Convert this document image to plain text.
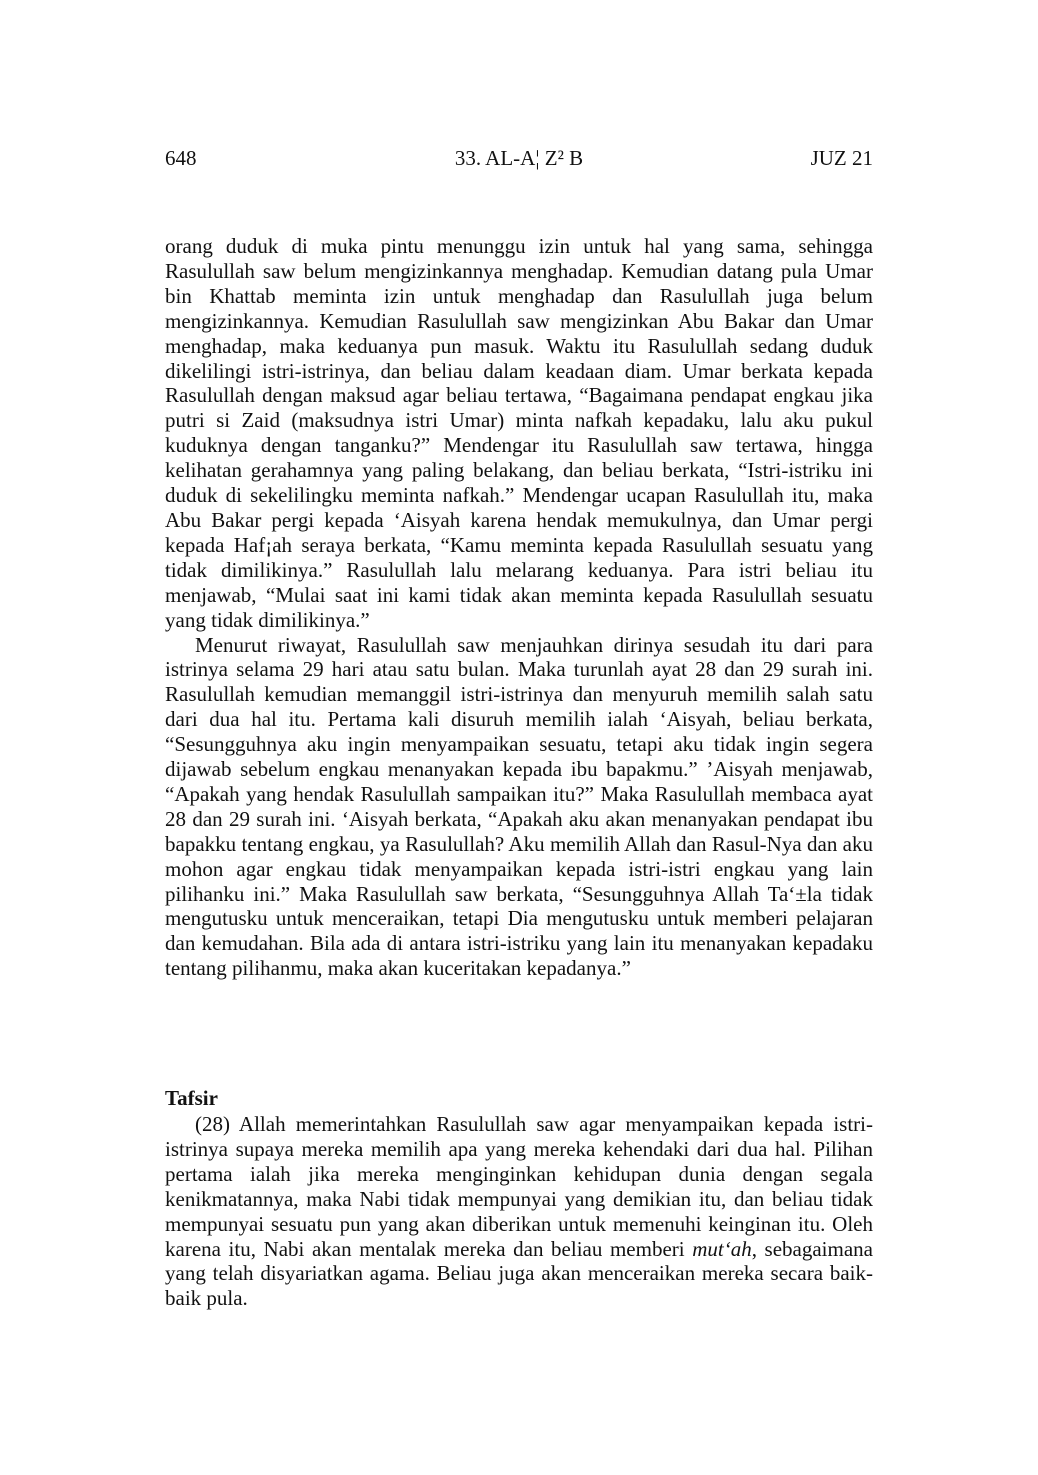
648	33. AL-A¦ Z² B	JUZ 21

orang duduk di muka pintu menunggu izin untuk hal yang sama, sehingga Rasulullah saw belum mengizinkannya menghadap. Kemudian datang pula Umar bin Khattab meminta izin untuk menghadap dan Rasulullah juga belum mengizinkannya. Kemudian Rasulullah saw mengizinkan Abu Bakar dan Umar menghadap, maka keduanya pun masuk. Waktu itu Rasulullah sedang duduk dikelilingi istri-istrinya, dan beliau dalam keadaan diam. Umar berkata kepada Rasulullah dengan maksud agar beliau tertawa, “Bagaimana pendapat engkau jika putri si Zaid (maksudnya istri Umar) minta nafkah kepadaku, lalu aku pukul kuduknya dengan tanganku?” Mendengar itu Rasulullah saw tertawa, hingga kelihatan gerahamnya yang paling belakang, dan beliau berkata, “Istri-istriku ini duduk di sekelilingku meminta nafkah.” Mendengar ucapan Rasulullah itu, maka Abu Bakar pergi kepada ‘Aisyah karena hendak memukulnya, dan Umar pergi kepada Haf¡ah seraya berkata, “Kamu meminta kepada Rasulullah sesuatu yang tidak dimilikinya.” Rasulullah lalu melarang keduanya. Para istri beliau itu menjawab, “Mulai saat ini kami tidak akan meminta kepada Rasulullah sesuatu yang tidak dimilikinya.”

Menurut riwayat, Rasulullah saw menjauhkan dirinya sesudah itu dari para istrinya selama 29 hari atau satu bulan. Maka turunlah ayat 28 dan 29 surah ini. Rasulullah kemudian memanggil istri-istrinya dan menyuruh memilih salah satu dari dua hal itu. Pertama kali disuruh memilih ialah ‘Aisyah, beliau berkata, “Sesungguhnya aku ingin menyampaikan sesuatu, tetapi aku tidak ingin segera dijawab sebelum engkau menanyakan kepada ibu bapakmu.” ’Aisyah menjawab, “Apakah yang hendak Rasulullah sampaikan itu?” Maka Rasulullah membaca ayat 28 dan 29 surah ini. ‘Aisyah berkata, “Apakah aku akan menanyakan pendapat ibu bapakku tentang engkau, ya Rasulullah? Aku memilih Allah dan Rasul-Nya dan aku mohon agar engkau tidak menyampaikan kepada istri-istri engkau yang lain pilihanku ini.” Maka Rasulullah saw berkata, “Sesungguhnya Allah Ta‘±la tidak mengutusku untuk menceraikan, tetapi Dia mengutusku untuk memberi pelajaran dan kemudahan. Bila ada di antara istri-istriku yang lain itu menanyakan kepadaku tentang pilihanmu, maka akan kuceritakan kepadanya.”

Tafsir

(28) Allah memerintahkan Rasulullah saw agar menyampaikan kepada istri-istrinya supaya mereka memilih apa yang mereka kehendaki dari dua hal. Pilihan pertama ialah jika mereka menginginkan kehidupan dunia dengan segala kenikmatannya, maka Nabi tidak mempunyai yang demikian itu, dan beliau tidak mempunyai sesuatu pun yang akan diberikan untuk memenuhi keinginan itu. Oleh karena itu, Nabi akan mentalak mereka dan beliau memberi mut‘ah, sebagaimana yang telah disyariatkan agama. Beliau juga akan menceraikan mereka secara baik-baik pula.
